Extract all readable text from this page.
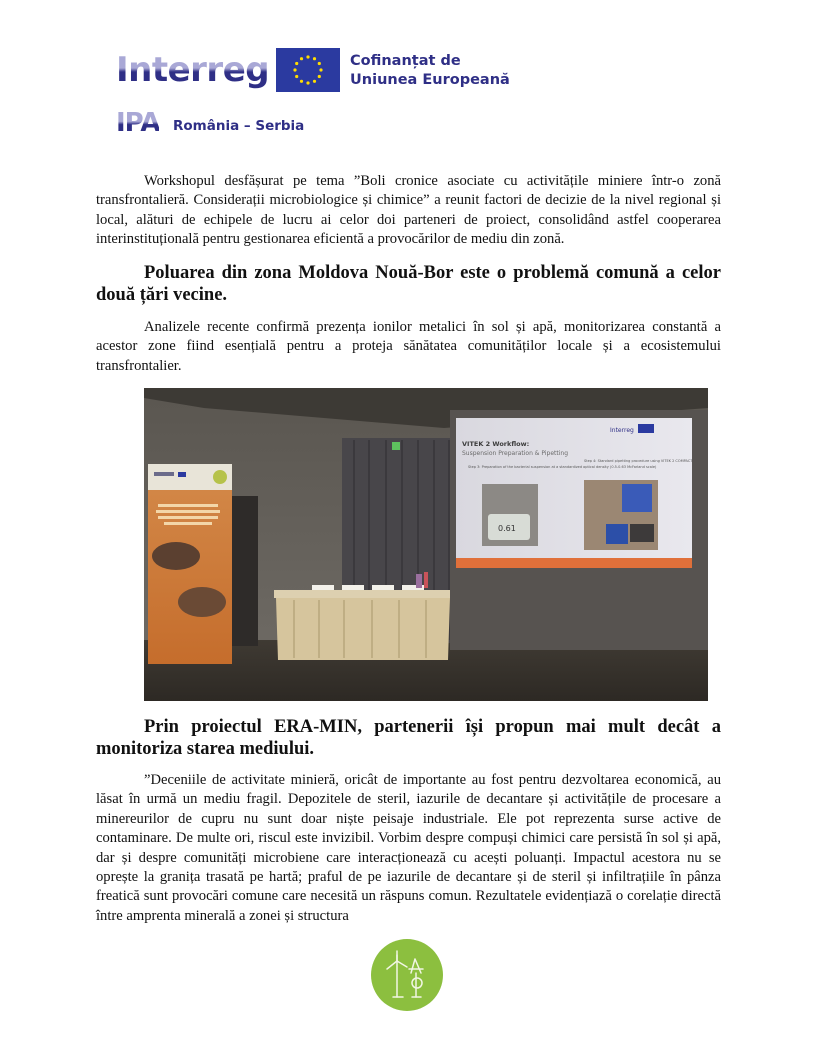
Interreg	Cofinanțat de
Uniunea Europeană
IPA România – Serbia

Workshopul desfășurat pe tema ”Boli cronice asociate cu activitățile miniere într-o zonă transfrontalieră. Considerații microbiologice și chimice” a reunit factori de decizie de la nivel regional și local, alături de echipele de lucru ai celor doi parteneri de proiect, consolidând astfel cooperarea interinstituțională pentru gestionarea eficientă a provocărilor de mediu din zonă.

Poluarea din zona Moldova Nouă-Bor este o problemă comună a celor două țări vecine.

Analizele recente confirmă prezența ionilor metalici în sol și apă, monitorizarea constantă a acestor zone fiind esențială pentru a proteja sănătatea comunităților locale și a ecosistemului transfrontalier.

Interreg
VITEK 2 Workflow:
Suspension Preparation & Pipetting
Step 3: Preparation of the bacterial suspension at a standardized optical density (0.5-0.63 McFarland scale)
Step 4: Standard pipetting procedure using VITEK 2 COMPACT
0.61

Prin proiectul ERA-MIN, partenerii își propun mai mult decât a monitoriza starea mediului.

”Deceniile de activitate minieră, oricât de importante au fost pentru dezvoltarea economică, au lăsat în urmă un mediu fragil. Depozitele de steril, iazurile de decantare și activitățile de procesare a minereurilor de cupru nu sunt doar niște peisaje industriale. Ele pot reprezenta surse active de contaminare. De multe ori, riscul este invizibil. Vorbim despre compuși chimici care persistă în sol și apă, dar și despre comunități microbiene care interacționează cu acești poluanți. Impactul acestora nu se oprește la granița trasată pe hartă; praful de pe iazurile de decantare și de steril și infiltrațiile în pânza freatică sunt provocări comune care necesită un răspuns comun. Rezultatele evidențiază o corelație directă între amprenta minerală a zonei și structura
